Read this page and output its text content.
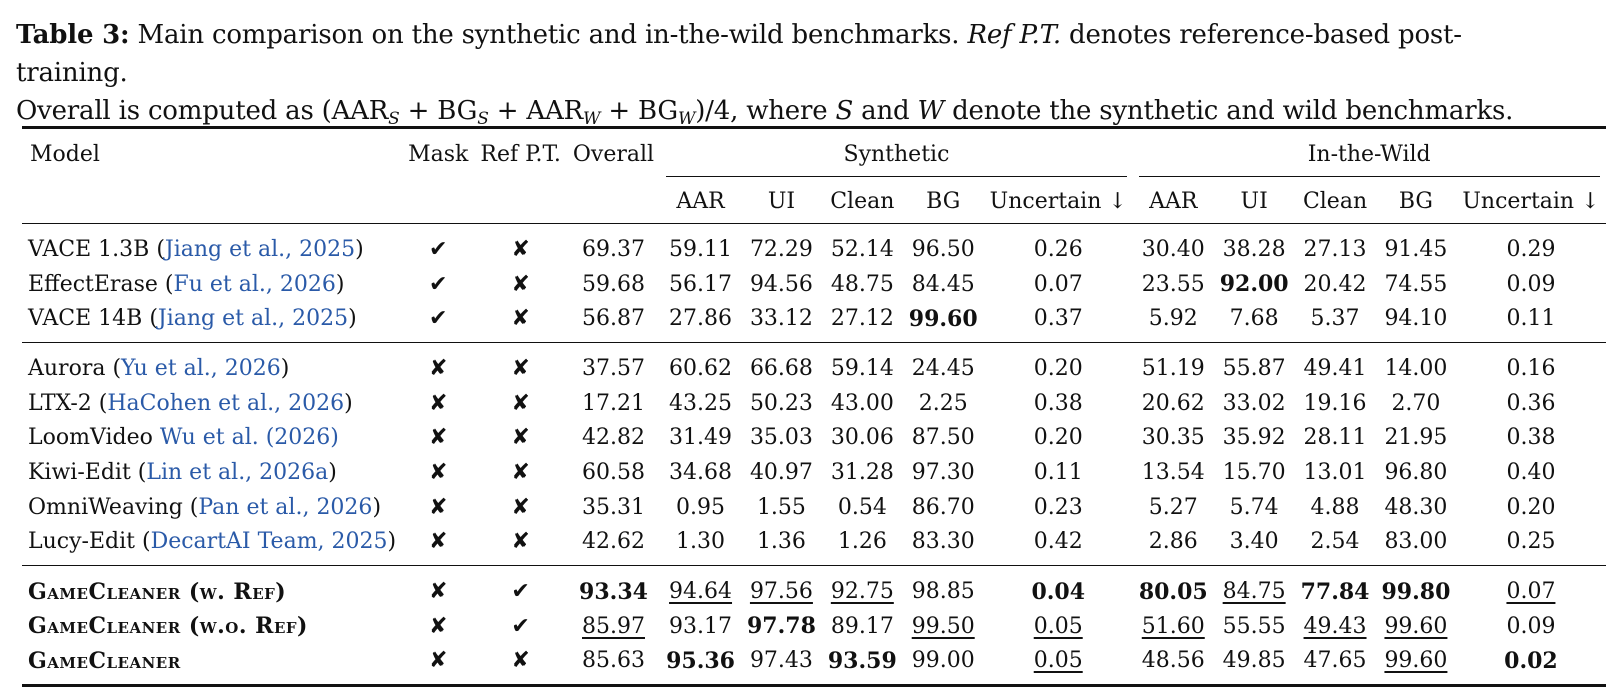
Table 3: Main comparison on the synthetic and in-the-wild benchmarks. Ref P.T. denotes reference-based post-training.
Overall is computed as $(AAR_S + BG_S + AAR_W + BG_W)/4$, where S and W denote the synthetic and wild benchmarks.
Model	Mask	Ref P.T.	Overall	Synthetic					In-the-Wild				

				AAR	UI	Clean	BG	Uncertain ↓	AAR	UI	Clean	BG	Uncertain ↓
VACE 1.3B (Jiang et al., 2025)	✔	✘	69.37	59.11	72.29	52.14	96.50	0.26	30.40	38.28	27.13	91.45	0.29
EffectErase (Fu et al., 2026)	✔	✘	59.68	56.17	94.56	48.75	84.45	0.07	23.55	92.00	20.42	74.55	0.09
VACE 14B (Jiang et al., 2025)	✔	✘	56.87	27.86	33.12	27.12	99.60	0.37	5.92	7.68	5.37	94.10	0.11
Aurora (Yu et al., 2026)	✘	✘	37.57	60.62	66.68	59.14	24.45	0.20	51.19	55.87	49.41	14.00	0.16
LTX-2 (HaCohen et al., 2026)	✘	✘	17.21	43.25	50.23	43.00	2.25	0.38	20.62	33.02	19.16	2.70	0.36
LoomVideo Wu et al. (2026)	✘	✘	42.82	31.49	35.03	30.06	87.50	0.20	30.35	35.92	28.11	21.95	0.38
Kiwi-Edit (Lin et al., 2026a)	✘	✘	60.58	34.68	40.97	31.28	97.30	0.11	13.54	15.70	13.01	96.80	0.40
OmniWeaving (Pan et al., 2026)	✘	✘	35.31	0.95	1.55	0.54	86.70	0.23	5.27	5.74	4.88	48.30	0.20
Lucy-Edit (DecartAI Team, 2025)	✘	✘	42.62	1.30	1.36	1.26	83.30	0.42	2.86	3.40	2.54	83.00	0.25
GameCleaner (w. Ref)	✘	✔	93.34	94.64	97.56	92.75	98.85	0.04	80.05	84.75	77.84	99.80	0.07
GameCleaner (w.o. Ref)	✘	✔	85.97	93.17	97.78	89.17	99.50	0.05	51.60	55.55	49.43	99.60	0.09
GameCleaner	✘	✘	85.63	95.36	97.43	93.59	99.00	0.05	48.56	49.85	47.65	99.60	0.02
